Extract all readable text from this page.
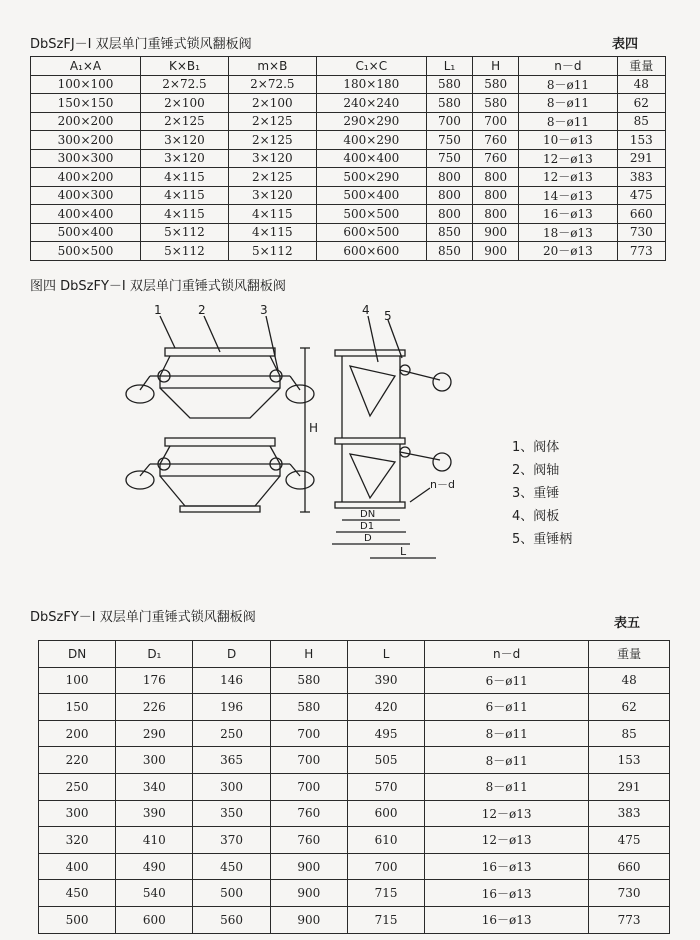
DbSzFJ－I 双层单门重锤式锁风翻板阀	表四
A₁×A	K×B₁	m×B	C₁×C	L₁	H	n－d	重量
100×100	2×72.5	2×72.5	180×180	580	580	8－ø11	48
150×150	2×100	2×100	240×240	580	580	8－ø11	62
200×200	2×125	2×125	290×290	700	700	8－ø11	85
300×200	3×120	2×125	400×290	750	760	10－ø13	153
300×300	3×120	3×120	400×400	750	760	12－ø13	291
400×200	4×115	2×125	500×290	800	800	12－ø13	383
400×300	4×115	3×120	500×400	800	800	14－ø13	475
400×400	4×115	4×115	500×500	800	800	16－ø13	660
500×400	5×112	4×115	600×500	850	900	18－ø13	730
500×500	5×112	5×112	600×600	850	900	20－ø13	773
图四 DbSzFY－I 双层单门重锤式锁风翻板阀
1	2	3	4 5
H
DN
D1
D
L
n－d
1、阀体
2、阀轴
3、重锤
4、阀板
5、重锤柄
DbSzFY－I 双层单门重锤式锁风翻板阀	表五
DN	D₁	D	H	L	n－d	重量
100	176	146	580	390	6－ø11	48
150	226	196	580	420	6－ø11	62
200	290	250	700	495	8－ø11	85
220	300	365	700	505	8－ø11	153
250	340	300	700	570	8－ø11	291
300	390	350	760	600	12－ø13	383
320	410	370	760	610	12－ø13	475
400	490	450	900	700	16－ø13	660
450	540	500	900	715	16－ø13	730
500	600	560	900	715	16－ø13	773
